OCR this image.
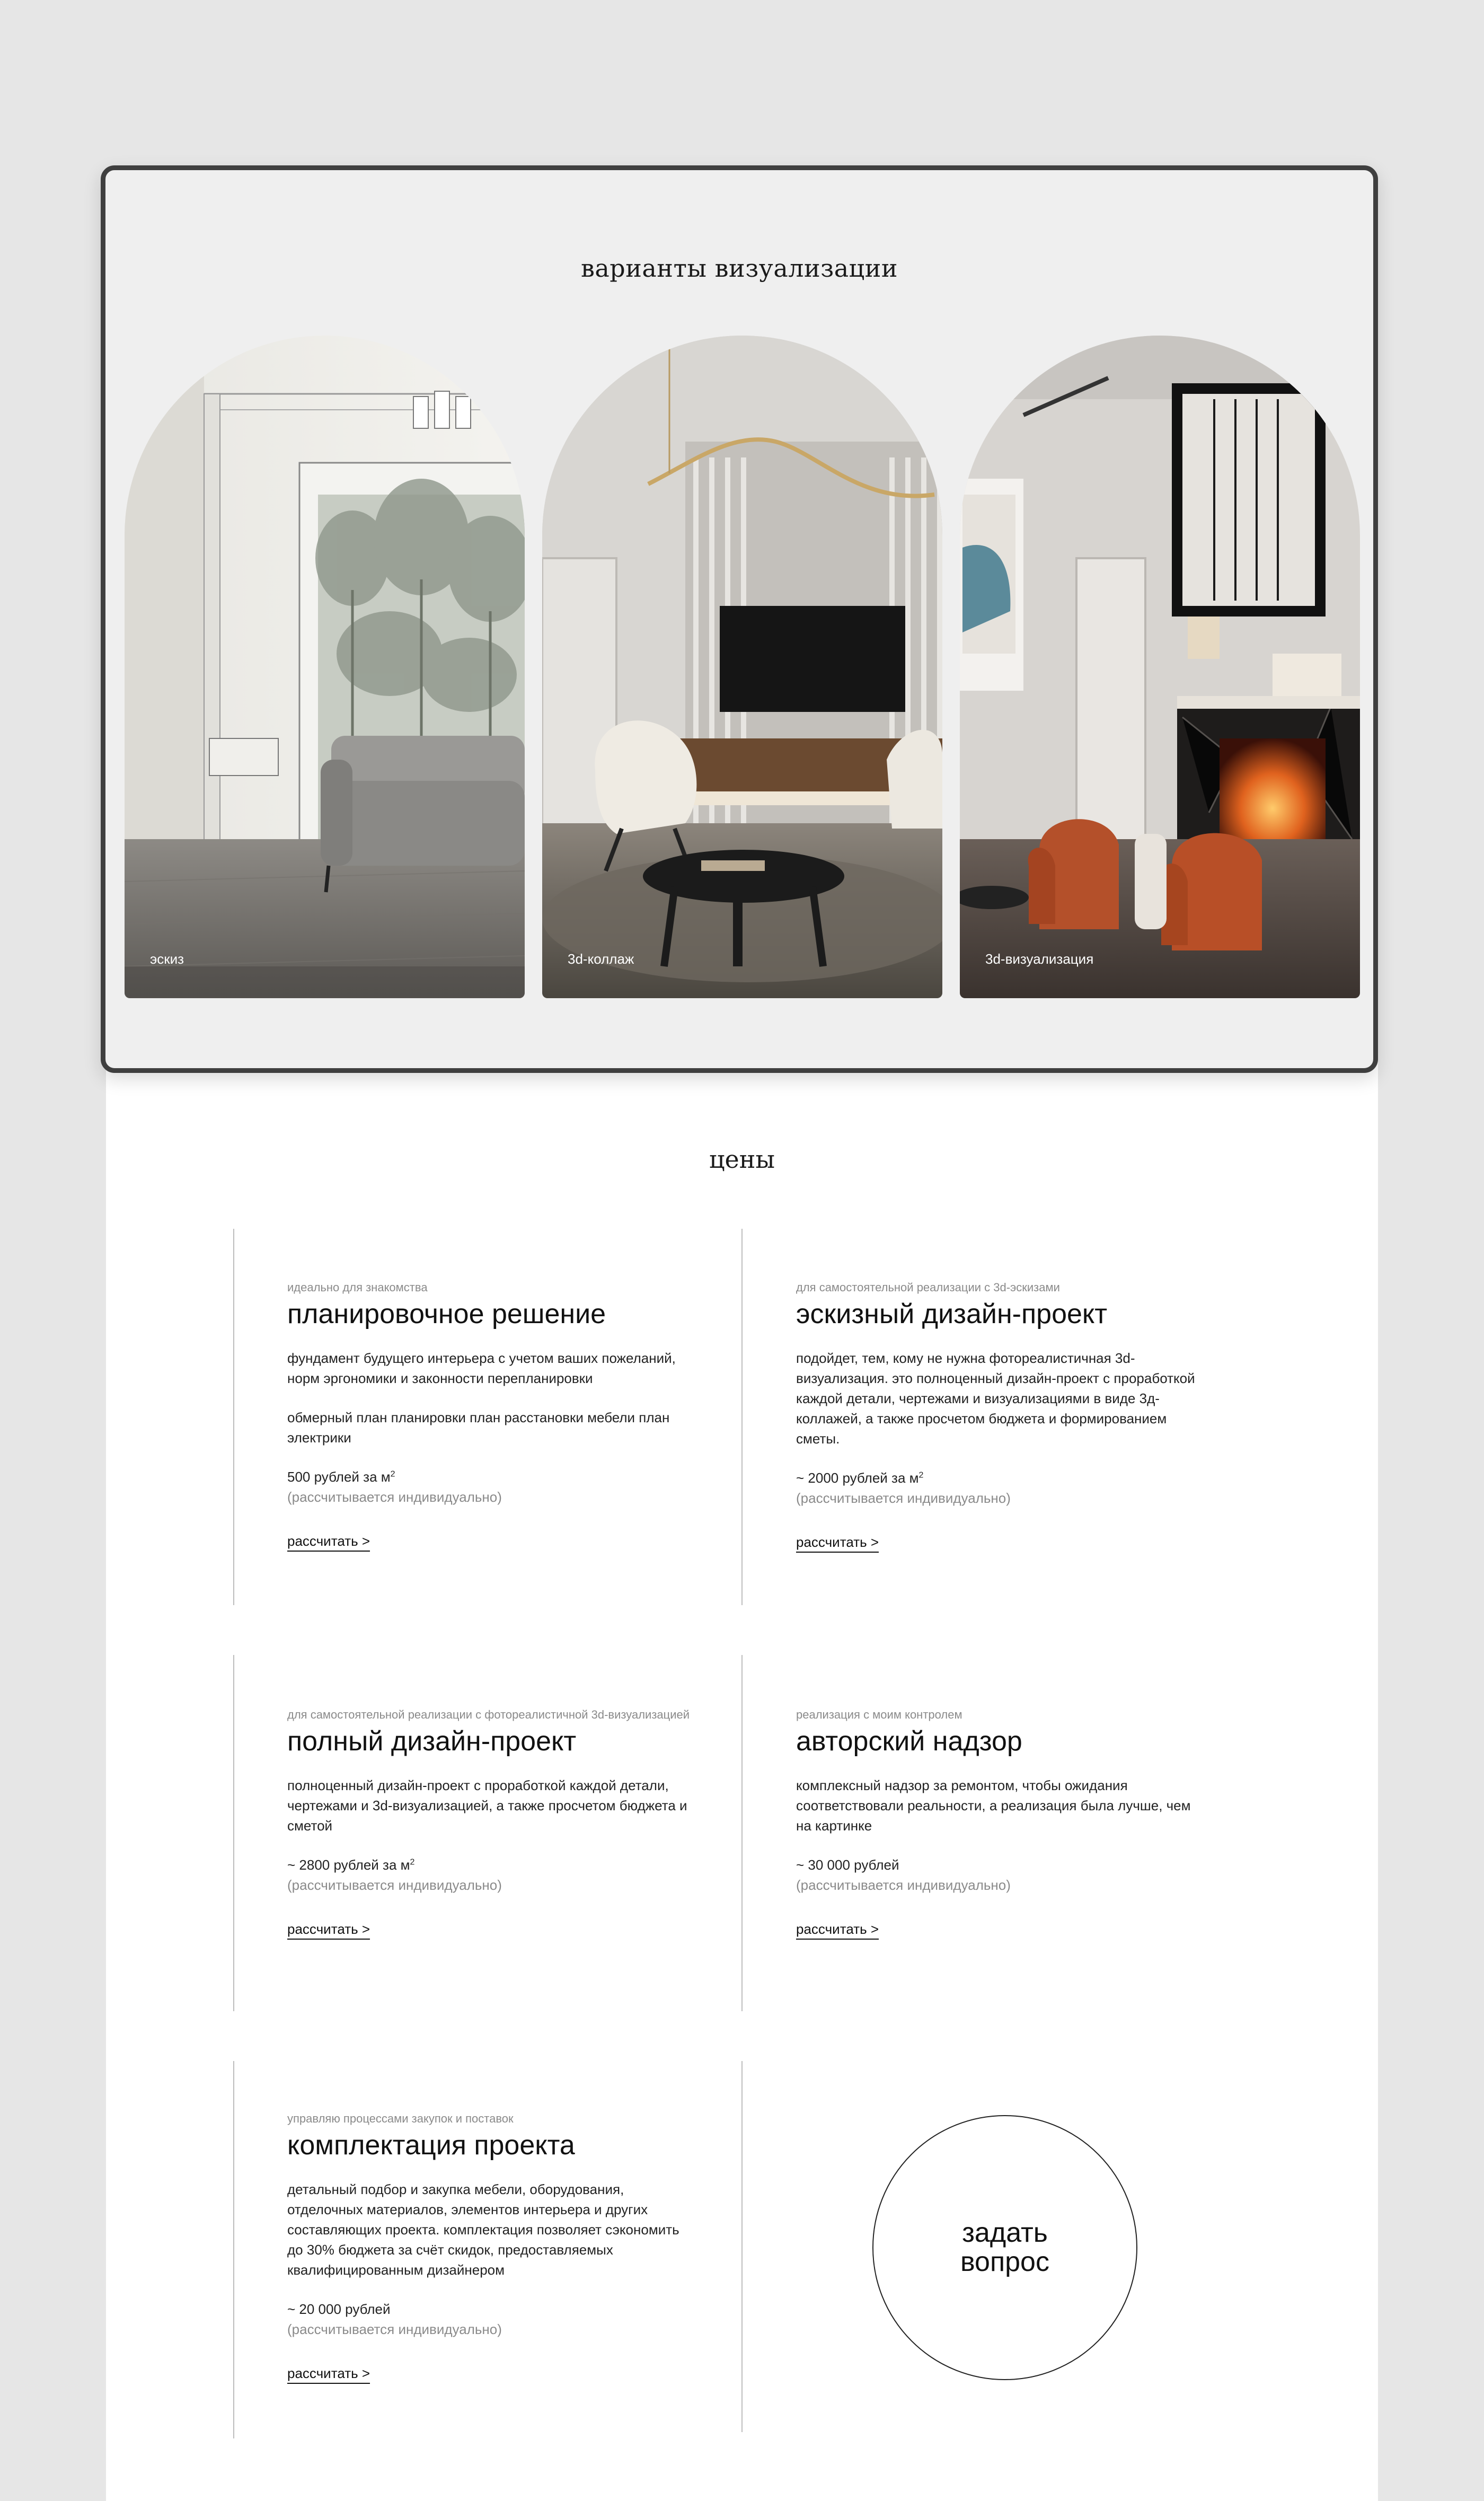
варианты визуализации
эскиз	3d-коллаж	3d-визуализация
цены
идеально для знакомства
планировочное решение
фундамент будущего интерьера с учетом ваших пожеланий, норм эргономики и законности перепланировки
обмерный план планировки план расстановки мебели план электрики
500 рублей за $м^2$
(рассчитывается индивидуально)
рассчитать >
для самостоятельной реализации с 3d-эскизами
эскизный дизайн-проект
подойдет, тем, кому не нужна фотореалистичная 3d-визуализация. это полноценный дизайн-проект с проработкой каждой детали, чертежами и визуализациями в виде 3д-коллажей, а также просчетом бюджета и формированием сметы.
~ 2000 рублей за $м^2$
(рассчитывается индивидуально)
рассчитать >
для самостоятельной реализации с фотореалистичной 3d-визуализацией
полный дизайн-проект
полноценный дизайн-проект с проработкой каждой детали, чертежами и 3d-визуализацией, а также просчетом бюджета и сметой
~ 2800 рублей за $м^2$
(рассчитывается индивидуально)
рассчитать >
реализация с моим контролем
авторский надзор
комплексный надзор за ремонтом, чтобы ожидания соответствовали реальности, а реализация была лучше, чем на картинке
~ 30 000 рублей
(рассчитывается индивидуально)
рассчитать >
управляю процессами закупок и поставок
комплектация проекта
детальный подбор и закупка мебели, оборудования, отделочных материалов, элементов интерьера и других составляющих проекта. комплектация позволяет сэкономить до 30% бюджета за счёт скидок, предоставляемых квалифицированным дизайнером
~ 20 000 рублей
(рассчитывается индивидуально)
рассчитать >
задать
вопрос
